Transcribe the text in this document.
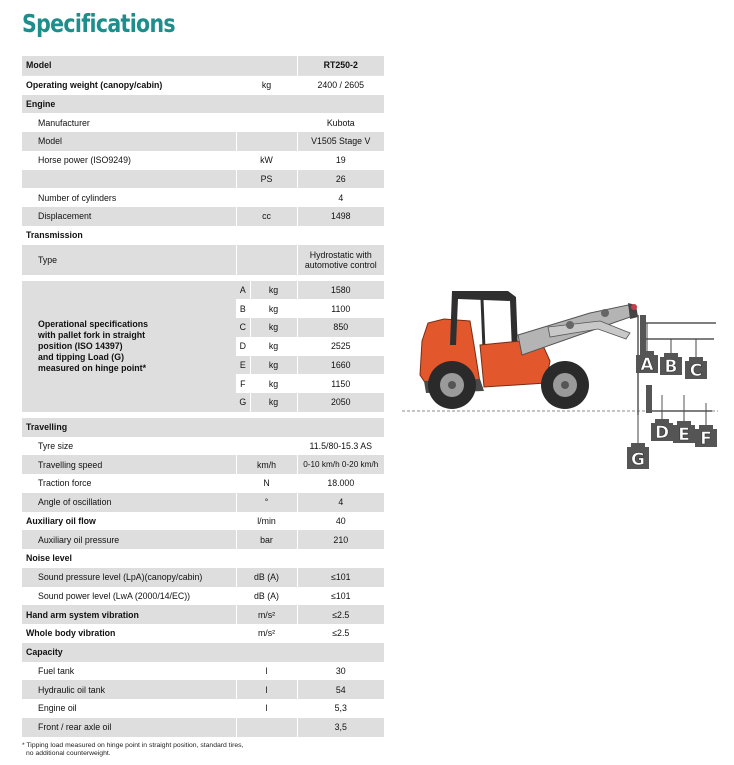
Specifications
Model			RT250-2
Operating weight (canopy/cabin)	kg		2400 / 2605
Engine			
Manufacturer			Kubota
Model			V1505 Stage V
Horse power (ISO9249)	kW		19
	PS		26
Number of cylinders			4
Displacement	cc		1498
Transmission			
Type			Hydrostatic with
automotive control

Operational specifications
with pallet fork in straight
position (ISO 14397)
and tipping Load (G)
measured on hinge point*	A	kg	1580
	B	kg	1100
	C	kg	850
	D	kg	2525
	E	kg	1660
	F	kg	1150
	G	kg	2050

Travelling			
Tyre size			11.5/80-15.3 AS
Travelling speed	km/h		0-10 km/h 0-20 km/h
Traction force	N		18.000
Angle of oscillation	°		4
Auxiliary oil flow	l/min		40
Auxiliary oil pressure	bar		210
Noise level			
Sound pressure level (LpA)(canopy/cabin)	dB (A)		≤101
Sound power level (LwA (2000/14/EC))	dB (A)		≤101
Hand arm system vibration	m/s²		≤2.5
Whole body vibration	m/s²		≤2.5
Capacity			
Fuel tank	l		30
Hydraulic oil tank	l		54
Engine oil	l		5,3
Front / rear axle oil			3,5
* Tipping load measured on hinge point in straight position, standard tires,
no additional counterweight.
A B C
D E F
G
